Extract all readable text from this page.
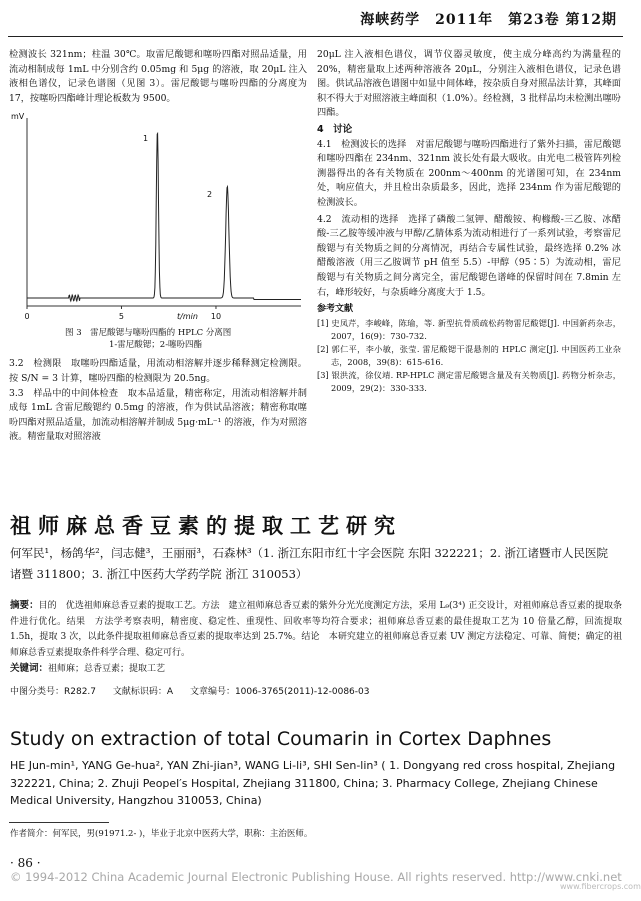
海峡药学　2011年　第23卷 第12期

检测波长 321nm；柱温 30℃。取雷尼酸锶和噻吩四酯对照品适量，用流动相制成每 1mL 中分别含约 0.05mg 和 5μg 的溶液，取 20μL 注入液相色谱仪，记录色谱图（见图 3）。雷尼酸锶与噻吩四酯的分离度为 17，按噻吩四酯峰计理论板数为 9500。

mV
1
2
0	5	10
t/min
图 3　雷尼酸锶与噻吩四酯的 HPLC 分离图
1-雷尼酸锶；2-噻吩四酯

3.2　检测限　取噻吩四酯适量，用流动相溶解并逐步稀释测定检测限。按 S/N = 3 计算，噻吩四酯的检测限为 20.5ng。

3.3　样品中的中间体检查　取本品适量，精密称定，用流动相溶解并制成每 1mL 含雷尼酸锶约 0.5mg 的溶液，作为供试品溶液；精密称取噻吩四酯对照品适量，加流动相溶解并制成 5μg·mL⁻¹ 的溶液，作为对照溶液。精密量取对照溶液

20μL 注入液相色谱仪，调节仪器灵敏度，使主成分峰高约为满量程的 20%，精密量取上述两种溶液各 20μL，分别注入液相色谱仪，记录色谱图。供试品溶液色谱图中如显中间体峰，按杂质自身对照品法计算，其峰面积不得大于对照溶液主峰面积（1.0%）。经检测，3 批样品均未检测出噻吩四酯。

4　讨论

4.1　检测波长的选择　对雷尼酸锶与噻吩四酯进行了紫外扫描，雷尼酸锶和噻吩四酯在 234nm、321nm 波长处有最大吸收。由光电二极管阵列检测器得出的各有关物质在 200nm～400nm 的光谱图可知，在 234nm 处，响应值大，并且检出杂质最多，因此，选择 234nm 作为雷尼酸锶的检测波长。

4.2　流动相的选择　选择了磷酸二氢钾、醋酸铵、枸橼酸-三乙胺、冰醋酸-三乙胺等缓冲液与甲醇/乙腈体系为流动相进行了一系列试验，考察雷尼酸锶与有关物质之间的分离情况，再结合专属性试验，最终选择 0.2% 冰醋酸溶液（用三乙胺调节 pH 值至 5.5）-甲醇（95∶5）为流动相，雷尼酸锶与有关物质之间分离完全，雷尼酸锶色谱峰的保留时间在 7.8min 左右，峰形较好，与杂质峰分离度大于 1.5。

参考文献
[1] 史凤芹，李峻峰，陈瑜，等. 新型抗骨质疏松药物雷尼酸锶[J]. 中国新药杂志，2007，16(9)：730-732.
[2] 郭仁平，李小敏，张莹. 雷尼酸锶干混悬剂的 HPLC 测定[J]. 中国医药工业杂志，2008，39(8)：615-616.
[3] 银洪流，徐仪靖. RP-HPLC 测定雷尼酸锶含量及有关物质[J]. 药物分析杂志，2009，29(2)：330-333.
祖师麻总香豆素的提取工艺研究
何军民¹，杨鸽华²，闫志健³，王丽丽³，石森林³（1. 浙江东阳市红十字会医院 东阳 322221；2. 浙江诸暨市人民医院 诸暨 311800；3. 浙江中医药大学药学院 浙江 310053）
摘要：目的　优选祖师麻总香豆素的提取工艺。方法　建立祖师麻总香豆素的紫外分光光度测定方法，采用 L₉(3⁴) 正交设计，对祖师麻总香豆素的提取条件进行优化。结果　方法学考察表明，精密度、稳定性、重现性、回收率等均符合要求；祖师麻总香豆素的最佳提取工艺为 10 倍量乙醇，回流提取 1.5h，提取 3 次，以此条件提取祖师麻总香豆素的提取率达到 25.7%。结论　本研究建立的祖师麻总香豆素 UV 测定方法稳定、可靠、简便；确定的祖师麻总香豆素提取条件科学合理、稳定可行。
关键词：祖师麻；总香豆素；提取工艺
中图分类号：R282.7 文献标识码：A 文章编号：1006-3765(2011)-12-0086-03
Study on extraction of total Coumarin in Cortex Daphnes
HE Jun-min¹, YANG Ge-hua², YAN Zhi-jian³, WANG Li-li³, SHI Sen-lin³ ( 1. Dongyang red cross hospital, Zhejiang 322221, China; 2. Zhuji Peopel′s Hospital, Zhejiang 311800, China; 3. Pharmacy College, Zhejiang Chinese Medical University, Hangzhou 310053, China)
作者简介：何军民，男(91971.2- )，毕业于北京中医药大学，职称：主治医师。
· 86 ·
© 1994-2012 China Academic Journal Electronic Publishing House. All rights reserved. http://www.cnki.net
www.fibercrops.com
